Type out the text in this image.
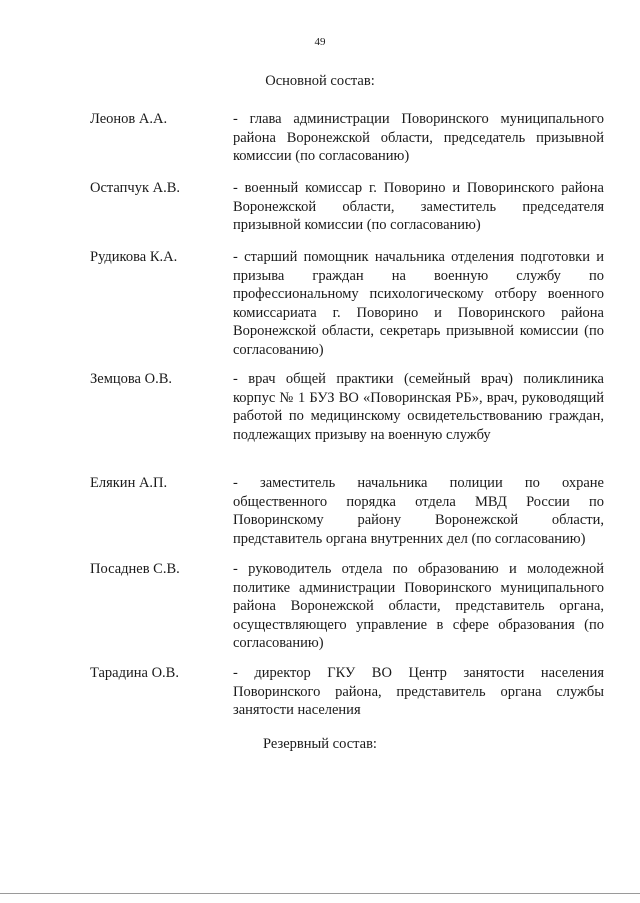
49
Основной состав:
Леонов А.А.	- глава администрации Поворинского муниципального района Воронежской области, председатель призывной комиссии (по согласованию)
Остапчук А.В.	- военный комиссар г. Поворино и Поворинского района Воронежской области, заместитель председателя призывной комиссии (по согласованию)
Рудикова К.А.	- старший помощник начальника отделения подготовки и призыва граждан на военную службу по профессиональному психологическому отбору военного комиссариата г. Поворино и Поворинского района Воронежской области, секретарь призывной комиссии (по согласованию)
Земцова О.В.	- врач общей практики (семейный врач) поликлиника корпус № 1 БУЗ ВО «Поворинская РБ», врач, руководящий работой по медицинскому освидетельствованию граждан, подлежащих призыву на военную службу
Елякин А.П.	- заместитель начальника полиции по охране общественного порядка отдела МВД России по Поворинскому району Воронежской области, представитель органа внутренних дел (по согласованию)
Посаднев С.В.	- руководитель отдела по образованию и молодежной политике администрации Поворинского муниципального района Воронежской области, представитель органа, осуществляющего управление в сфере образования (по согласованию)
Тарадина О.В.	- директор ГКУ ВО Центр занятости населения Поворинского района, представитель органа службы занятости населения
Резервный состав:
